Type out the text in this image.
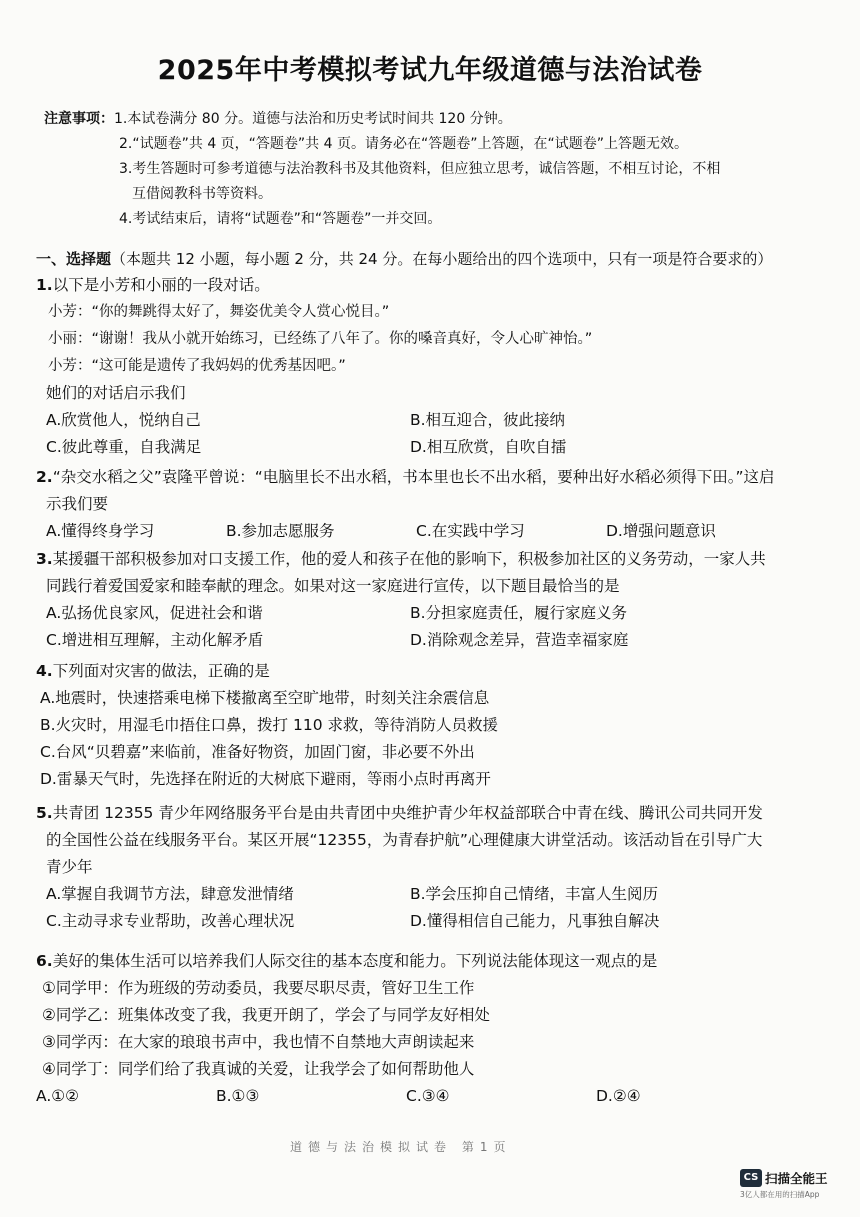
2025年中考模拟考试九年级道德与法治试卷
注意事项： 1.本试卷满分 80 分。道德与法治和历史考试时间共 120 分钟。
2.“试题卷”共 4 页，“答题卷”共 4 页。请务必在“答题卷”上答题，在“试题卷”上答题无效。
3.考生答题时可参考道德与法治教科书及其他资料，但应独立思考，诚信答题，不相互讨论，不相
互借阅教科书等资料。
4.考试结束后，请将“试题卷”和“答题卷”一并交回。
一、选择题（本题共 12 小题，每小题 2 分，共 24 分。在每小题给出的四个选项中，只有一项是符合要求的）
1.以下是小芳和小丽的一段对话。
小芳：“你的舞跳得太好了，舞姿优美令人赏心悦目。”
小丽：“谢谢！我从小就开始练习，已经练了八年了。你的嗓音真好，令人心旷神怡。”
小芳：“这可能是遗传了我妈妈的优秀基因吧。”
她们的对话启示我们
A.欣赏他人，悦纳自己	B.相互迎合，彼此接纳
C.彼此尊重，自我满足	D.相互欣赏，自吹自擂
2.“杂交水稻之父”袁隆平曾说：“电脑里长不出水稻，书本里也长不出水稻，要种出好水稻必须得下田。”这启
示我们要
A.懂得终身学习	B.参加志愿服务	C.在实践中学习	D.增强问题意识
3.某援疆干部积极参加对口支援工作，他的爱人和孩子在他的影响下，积极参加社区的义务劳动，一家人共
同践行着爱国爱家和睦奉献的理念。如果对这一家庭进行宣传，以下题目最恰当的是
A.弘扬优良家风，促进社会和谐	B.分担家庭责任，履行家庭义务
C.增进相互理解，主动化解矛盾	D.消除观念差异，营造幸福家庭
4.下列面对灾害的做法，正确的是
A.地震时，快速搭乘电梯下楼撤离至空旷地带，时刻关注余震信息
B.火灾时，用湿毛巾捂住口鼻，拨打 110 求救，等待消防人员救援
C.台风“贝碧嘉”来临前，准备好物资，加固门窗，非必要不外出
D.雷暴天气时，先选择在附近的大树底下避雨，等雨小点时再离开
5.共青团 12355 青少年网络服务平台是由共青团中央维护青少年权益部联合中青在线、腾讯公司共同开发
的全国性公益在线服务平台。某区开展“12355，为青春护航”心理健康大讲堂活动。该活动旨在引导广大
青少年
A.掌握自我调节方法，肆意发泄情绪	B.学会压抑自己情绪，丰富人生阅历
C.主动寻求专业帮助，改善心理状况	D.懂得相信自己能力，凡事独自解决
6.美好的集体生活可以培养我们人际交往的基本态度和能力。下列说法能体现这一观点的是
①同学甲：作为班级的劳动委员，我要尽职尽责，管好卫生工作
②同学乙：班集体改变了我，我更开朗了，学会了与同学友好相处
③同学丙：在大家的琅琅书声中，我也情不自禁地大声朗读起来
④同学丁：同学们给了我真诚的关爱，让我学会了如何帮助他人
A.①②	B.①③	C.③④	D.②④
道德与法治模拟试卷 第1页
CS 扫描全能王
3亿人都在用的扫描App
